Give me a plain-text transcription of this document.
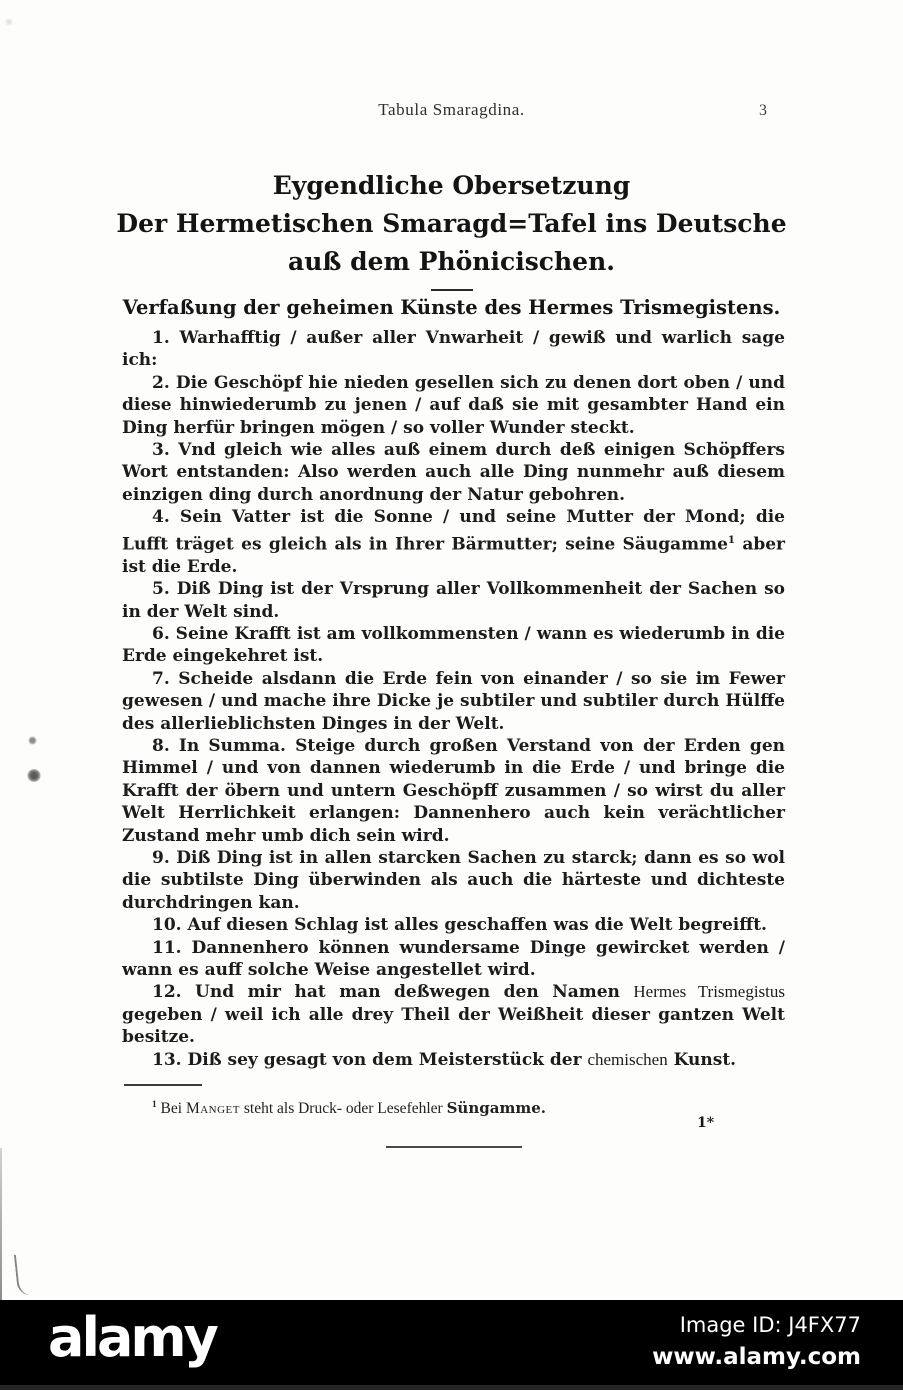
Tabula Smaragdina.	3
Eygendliche Obersetzung
Der Hermetischen Smaragd=Tafel ins Deutsche
auß dem Phönicischen.
Verfaßung der geheimen Künste des Hermes Trismegistens.

1. Warhafftig / außer aller Vnwarheit / gewiß und warlich sage ich:

2. Die Geschöpf hie nieden gesellen sich zu denen dort oben / und diese hinwiederumb zu jenen / auf daß sie mit gesambter Hand ein Ding herfür bringen mögen / so voller Wunder steckt.

3. Vnd gleich wie alles auß einem durch deß einigen Schöpffers Wort entstanden: Also werden auch alle Ding nunmehr auß diesem einzigen ding durch anordnung der Natur gebohren.

4. Sein Vatter ist die Sonne / und seine Mutter der Mond; die Lufft träget es gleich als in Ihrer Bärmutter; seine Säugamme$^1$ aber ist die Erde.

5. Diß Ding ist der Vrsprung aller Vollkommenheit der Sachen so in der Welt sind.

6. Seine Krafft ist am vollkommensten / wann es wiederumb in die Erde eingekehret ist.

7. Scheide alsdann die Erde fein von einander / so sie im Fewer gewesen / und mache ihre Dicke je subtiler und subtiler durch Hülffe des allerlieblichsten Dinges in der Welt.

8. In Summa. Steige durch großen Verstand von der Erden gen Himmel / und von dannen wiederumb in die Erde / und bringe die Krafft der öbern und untern Geschöpff zusammen / so wirst du aller Welt Herrlichkeit erlangen: Dannenhero auch kein verächtlicher Zustand mehr umb dich sein wird.

9. Diß Ding ist in allen starcken Sachen zu starck; dann es so wol die subtilste Ding überwinden als auch die härteste und dichteste durchdringen kan.

10. Auf diesen Schlag ist alles geschaffen was die Welt begreifft.

11. Dannenhero können wundersame Dinge gewircket werden / wann es auff solche Weise angestellet wird.

12. Und mir hat man deßwegen den Namen Hermes Trismegistus gegeben / weil ich alle drey Theil der Weißheit dieser gantzen Welt besitze.

13. Diß sey gesagt von dem Meisterstück der chemischen Kunst.

$^1$ Bei Manget steht als Druck- oder Lesefehler Süngamme.
1*
alamy	Image ID: J4FX77
www.alamy.com
